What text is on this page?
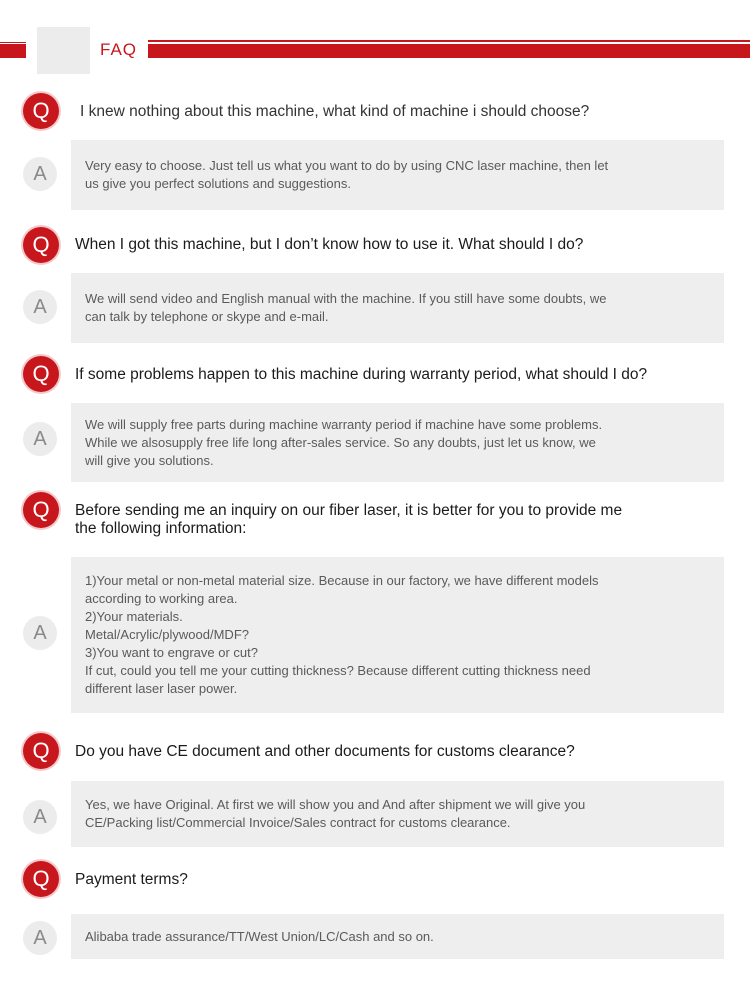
FAQ
Q	I knew nothing about this machine, what kind of machine i should choose?
A	Very easy to choose. Just tell us what you want to do by using CNC laser machine, then let
us give you perfect solutions and suggestions.
Q	When I got this machine, but I don’t know how to use it. What should I do?
A	We will send video and English manual with the machine. If you still have some doubts, we
can talk by telephone or skype and e-mail.
Q	If some problems happen to this machine during warranty period, what should I do?
A
We will supply free parts during machine warranty period if machine have some problems.
While we alsosupply free life long after-sales service. So any doubts, just let us know, we
will give you solutions.
Q	Before sending me an inquiry on our fiber laser, it is better for you to provide me
the following information:
A
1)Your metal or non-metal material size. Because in our factory, we have different models
according to working area.
2)Your materials.
Metal/Acrylic/plywood/MDF?
3)You want to engrave or cut?
If cut, could you tell me your cutting thickness? Because different cutting thickness need
different laser laser power.
Q	Do you have CE document and other documents for customs clearance?
A
Yes, we have Original. At first we will show you and And after shipment we will give you
CE/Packing list/Commercial Invoice/Sales contract for customs clearance.
Q	Payment terms?
A	Alibaba trade assurance/TT/West Union/LC/Cash and so on.
